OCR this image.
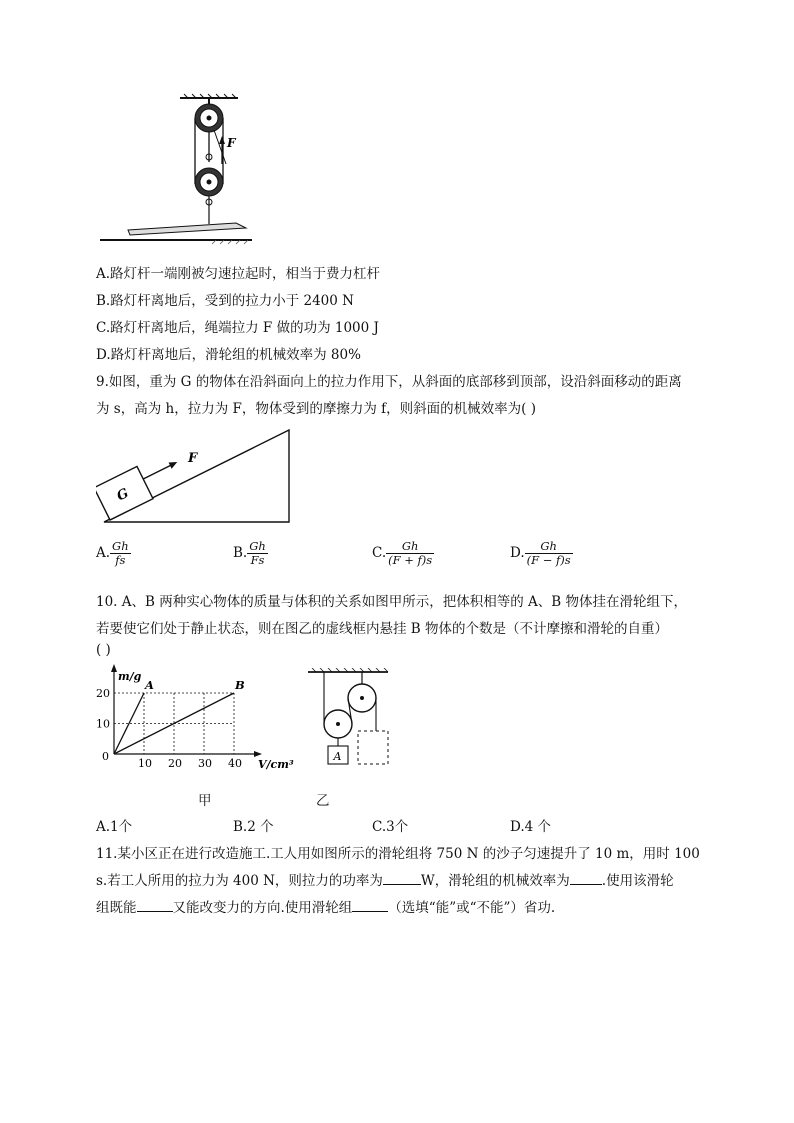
F
A.路灯杆一端刚被匀速拉起时，相当于费力杠杆
B.路灯杆离地后，受到的拉力小于 2400 N
C.路灯杆离地后，绳端拉力 F 做的功为 1000 J
D.路灯杆离地后，滑轮组的机械效率为 80%
9.如图，重为 G 的物体在沿斜面向上的拉力作用下，从斜面的底部移到顶部，设沿斜面移动的距离
为 s，高为 h，拉力为 F，物体受到的摩擦力为 f，则斜面的机械效率为( )
G
F
A. $\frac{Gh}{fs}$	B. $\frac{Gh}{Fs}$	C. $\frac{Gh}{(F + f)s}$	D. $\frac{Gh}{(F - f)s}$
10. A、B 两种实心物体的质量与体积的关系如图甲所示，把体积相等的 A、B 物体挂在滑轮组下，
若要使它们处于静止状态，则在图乙的虚线框内悬挂 B 物体的个数是（不计摩擦和滑轮的自重）
( )
m/g
V/cm³
0
10 20 30 40
10
20
A	B
A
甲	乙
A.1个	B.2 个	C.3个	D.4 个
11.某小区正在进行改造施工.工人用如图所示的滑轮组将 750 N 的沙子匀速提升了 10 m，用时 100
s.若工人所用的拉力为 400 N，则拉力的功率为	W，滑轮组的机械效率为 .使用该滑轮
组既能	又能改变力的方向.使用滑轮组	（选填“能”或“不能”）省功.
